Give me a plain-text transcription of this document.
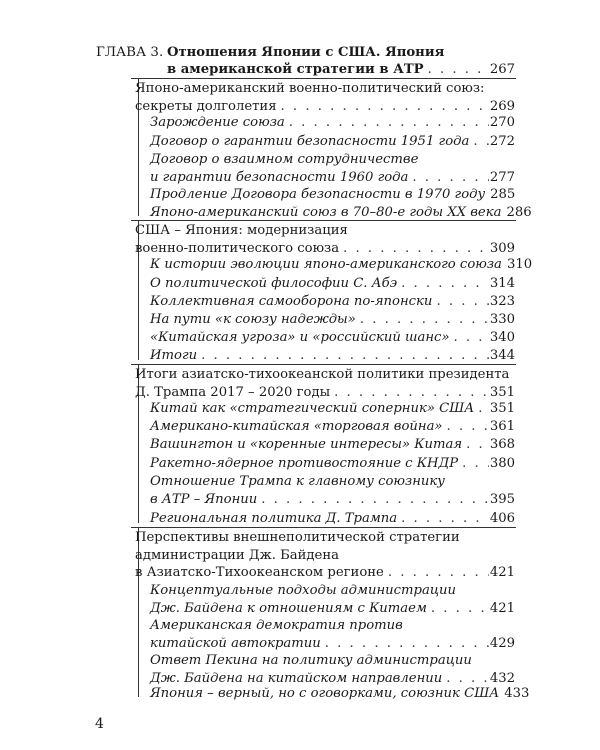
ГЛАВА 3. Отношения Японии с США. Япония
в американской стратегии в АТР . . .	267
Японо-американский военно-политический союз:
секреты долголетия . . .	269
Зарождение союза . . .	270
Договор о гарантии безопасности 1951 года . . . 272
Договор о взаимном сотрудничестве
и гарантии безопасности 1960 года . . .	277
Продление Договора безопасности в 1970 году 285
Японо-американский союз в 70–80-е годы XX века 286
США – Япония: модернизация
военно-политического союза . . .	309
К истории эволюции японо-американского союза 310
О политической философии С. Абэ . . .	314
Коллективная самооборона по-японски . . .	323
На пути «к союзу надежды» . . .	330
«Китайская угроза» и «российский шанс» . . .	340
Итоги . . .	344
Итоги азиатско-тихоокеанской политики президента
Д. Трампа 2017 – 2020 годы . . .	351
Китай как «стратегический соперник» США . . . 351
Американо-китайская «торговая война» . . .	361
Вашингтон и «коренные интересы» Китая . . . 368
Ракетно-ядерное противостояние с КНДР . . . 380
Отношение Трампа к главному союзнику
в АТР – Японии . . .	395
Региональная политика Д. Трампа . . .	406
Перспективы внешнеполитической стратегии
администрации Дж. Байдена
в Азиатско-Тихоокеанском регионе . . .	421
Концептуальные подходы администрации
Дж. Байдена к отношениям с Китаем . . .	421
Американская демократия против
китайской автократии . . .	429
Ответ Пекина на политику администрации
Дж. Байдена на китайском направлении . . .	432
Япония – верный, но с оговорками, союзник США 433
4
